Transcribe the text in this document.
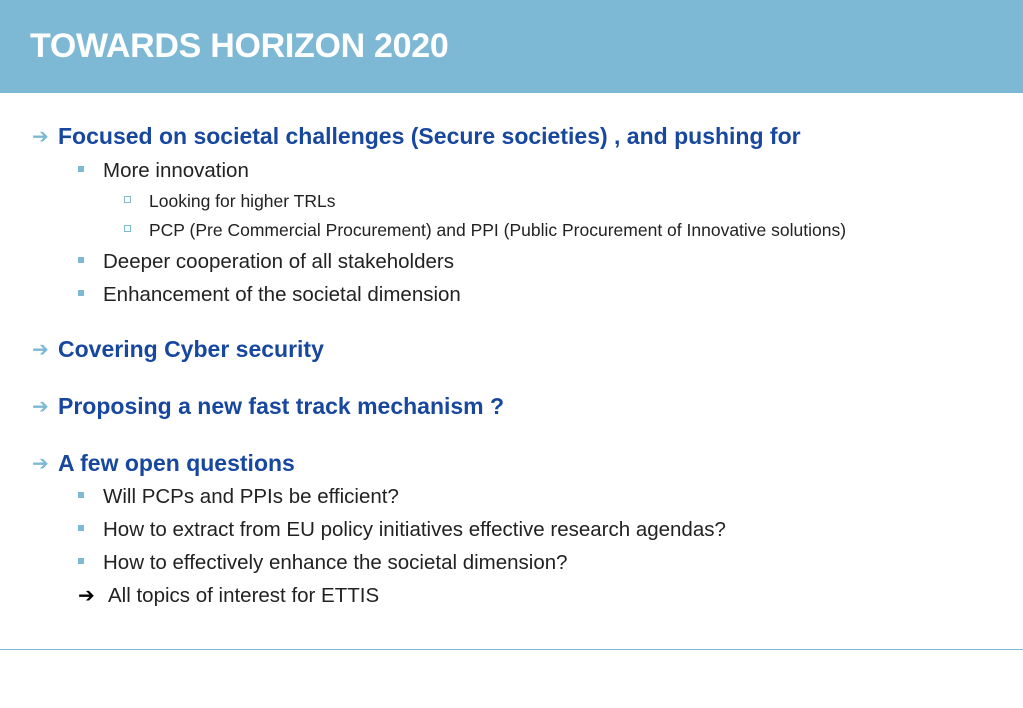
TOWARDS HORIZON 2020
➔ Focused on societal challenges (Secure societies) , and pushing for
More innovation
Looking for higher TRLs
PCP (Pre Commercial Procurement) and PPI (Public Procurement of Innovative solutions)
Deeper cooperation of all stakeholders
Enhancement of the societal dimension
➔ Covering Cyber security
➔ Proposing a new fast track mechanism ?
➔ A few open questions
Will PCPs and PPIs be efficient?
How to extract from EU policy initiatives effective research agendas?
How to effectively enhance the societal dimension?
➔ All topics of interest for ETTIS
